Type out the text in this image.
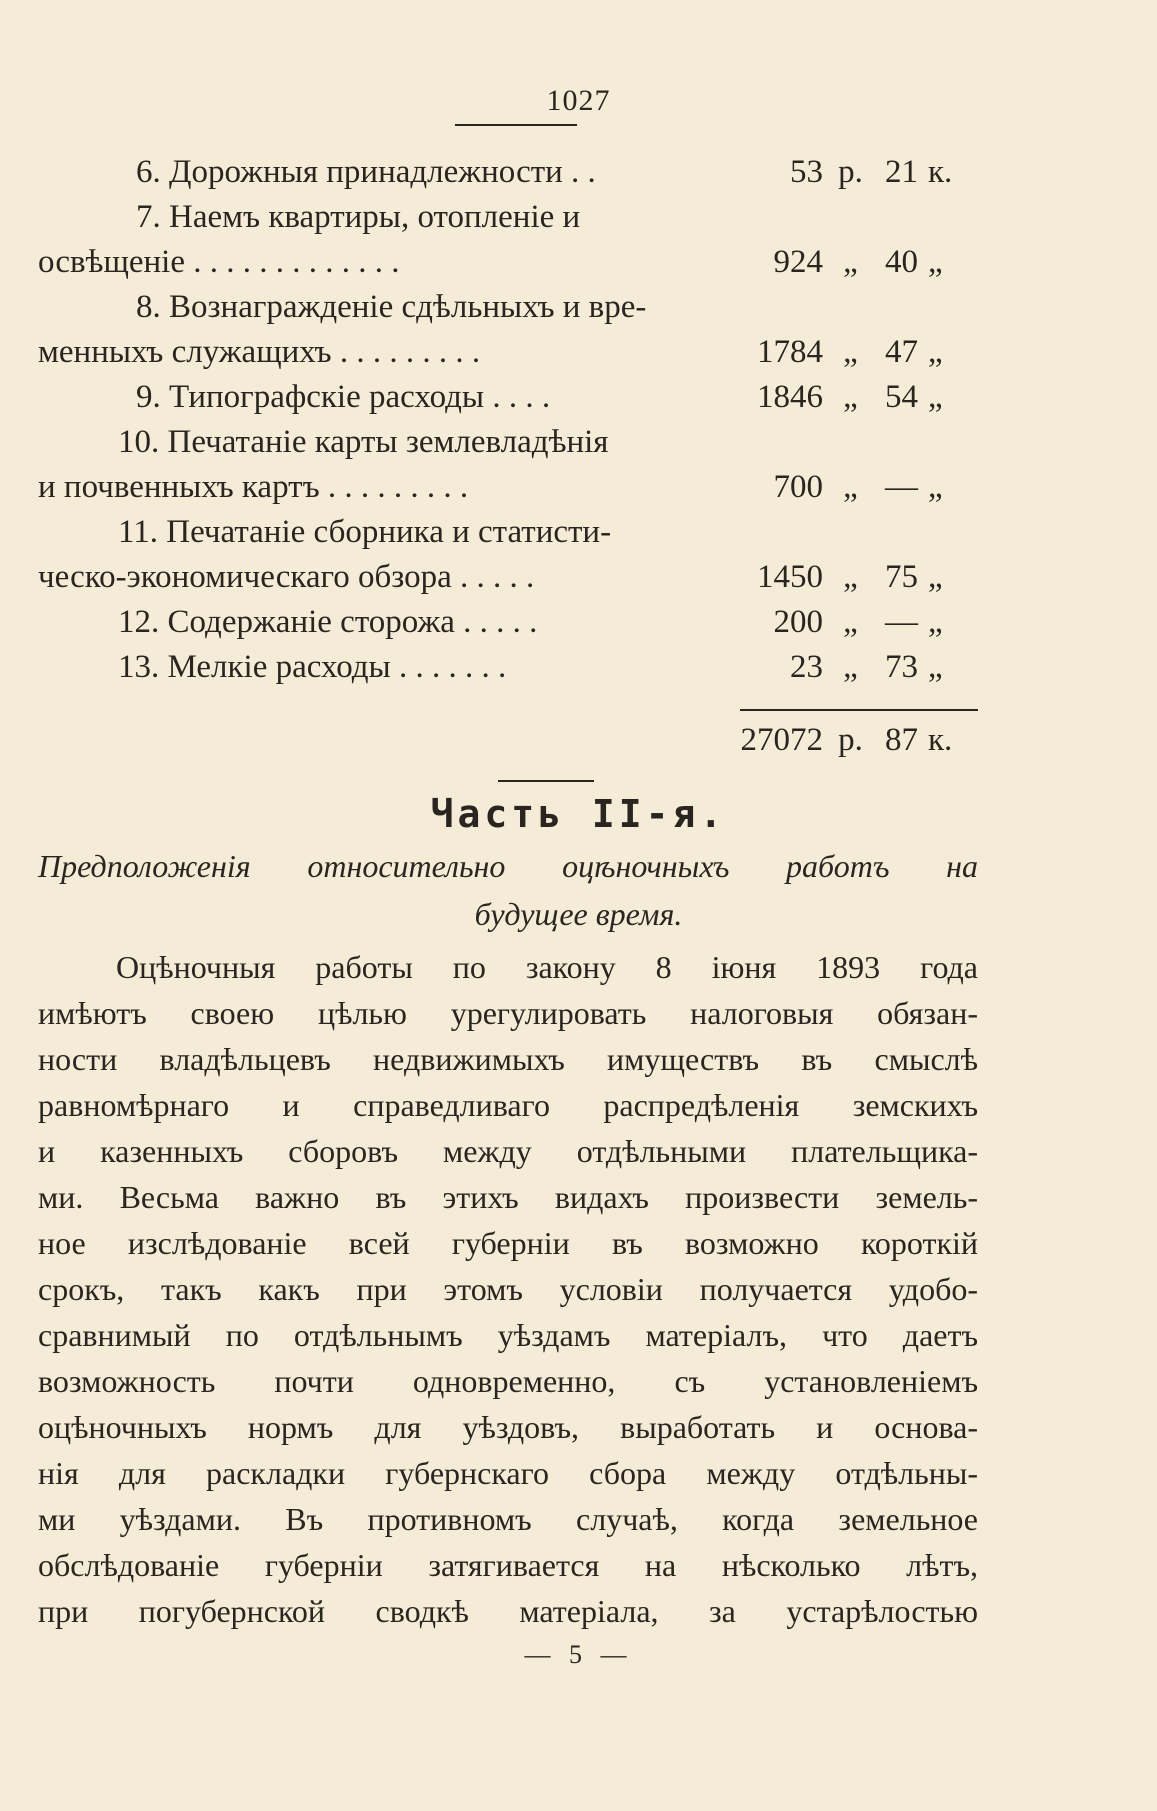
1027
6. Дорожныя принадлежности . .	53 р. 21 к.
7. Наемъ квартиры, отопленіе и
освѣщеніе . . . . . . . . . . . . .	924 „ 40 „
8. Вознагражденіе сдѣльныхъ и вре-
менныхъ служащихъ . . . . . . . . .	1784 „ 47 „
9. Типографскіе расходы . . . .	1846 „ 54 „
10. Печатаніе карты землевладѣнія
и почвенныхъ картъ . . . . . . . . .	700 „ — „
11. Печатаніе сборника и статисти-
ческо-экономическаго обзора . . . . .	1450 „ 75 „
12. Содержаніе сторожа . . . . .	200 „ — „
13. Мелкіе расходы . . . . . . .	23 „ 73 „
27072 р. 87 к.
Часть II-я.
Предположенія относительно оцѣночныхъ работъ на
будущее время.
Оцѣночныя работы по закону 8 іюня 1893 года
имѣютъ своею цѣлью урегулировать налоговыя обязан-
ности владѣльцевъ недвижимыхъ имуществъ въ смыслѣ
равномѣрнаго и справедливаго распредѣленія земскихъ
и казенныхъ сборовъ между отдѣльными плательщика-
ми. Весьма важно въ этихъ видахъ произвести земель-
ное изслѣдованіе всей губерніи въ возможно короткій
срокъ, такъ какъ при этомъ условіи получается удобо-
сравнимый по отдѣльнымъ уѣздамъ матеріалъ, что даетъ
возможность почти одновременно, съ установленіемъ
оцѣночныхъ нормъ для уѣздовъ, выработать и основа-
нія для раскладки губернскаго сбора между отдѣльны-
ми уѣздами. Въ противномъ случаѣ, когда земельное
обслѣдованіе губерніи затягивается на нѣсколько лѣтъ,
при погубернской сводкѣ матеріала, за устарѣлостью
— 5 —
